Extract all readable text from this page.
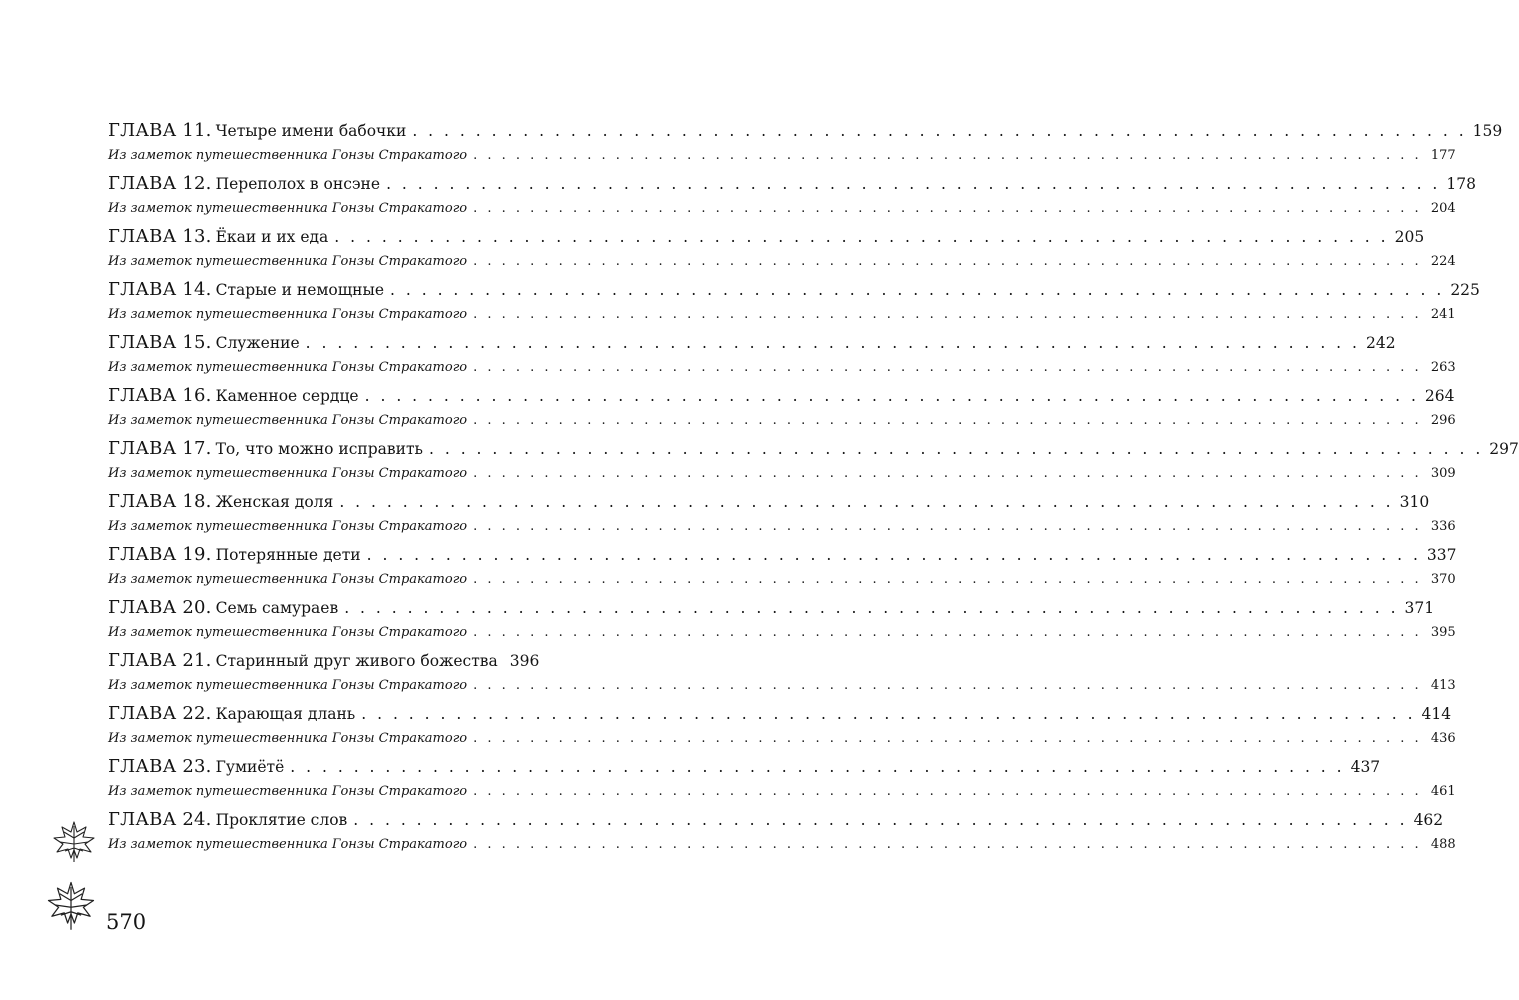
ГЛАВА 11. Четыре имени бабочки . . .	159
Из заметок путешественника Гонзы Стракатого . . .	177
ГЛАВА 12. Переполох в онсэне . . .	178
Из заметок путешественника Гонзы Стракатого . . .	204
ГЛАВА 13. Ёкаи и их еда . . .	205
Из заметок путешественника Гонзы Стракатого . . .	224
ГЛАВА 14. Старые и немощные . . .	225
Из заметок путешественника Гонзы Стракатого . . .	241
ГЛАВА 15. Служение . . .	242
Из заметок путешественника Гонзы Стракатого . . .	263
ГЛАВА 16. Каменное сердце . . .	264
Из заметок путешественника Гонзы Стракатого . . .	296
ГЛАВА 17. То, что можно исправить . . .	297
Из заметок путешественника Гонзы Стракатого . . .	309
ГЛАВА 18. Женская доля . . .	310
Из заметок путешественника Гонзы Стракатого . . .	336
ГЛАВА 19. Потерянные дети . . .	337
Из заметок путешественника Гонзы Стракатого . . .	370
ГЛАВА 20. Семь самураев . . .	371
Из заметок путешественника Гонзы Стракатого . . .	395
ГЛАВА 21. Старинный друг живого божества 396
Из заметок путешественника Гонзы Стракатого . . .	413
ГЛАВА 22. Карающая длань . . .	414
Из заметок путешественника Гонзы Стракатого . . .	436
ГЛАВА 23. Гумиётё . . .	437
Из заметок путешественника Гонзы Стракатого . . .	461
ГЛАВА 24. Проклятие слов . . .	462
Из заметок путешественника Гонзы Стракатого . . .	488
570
